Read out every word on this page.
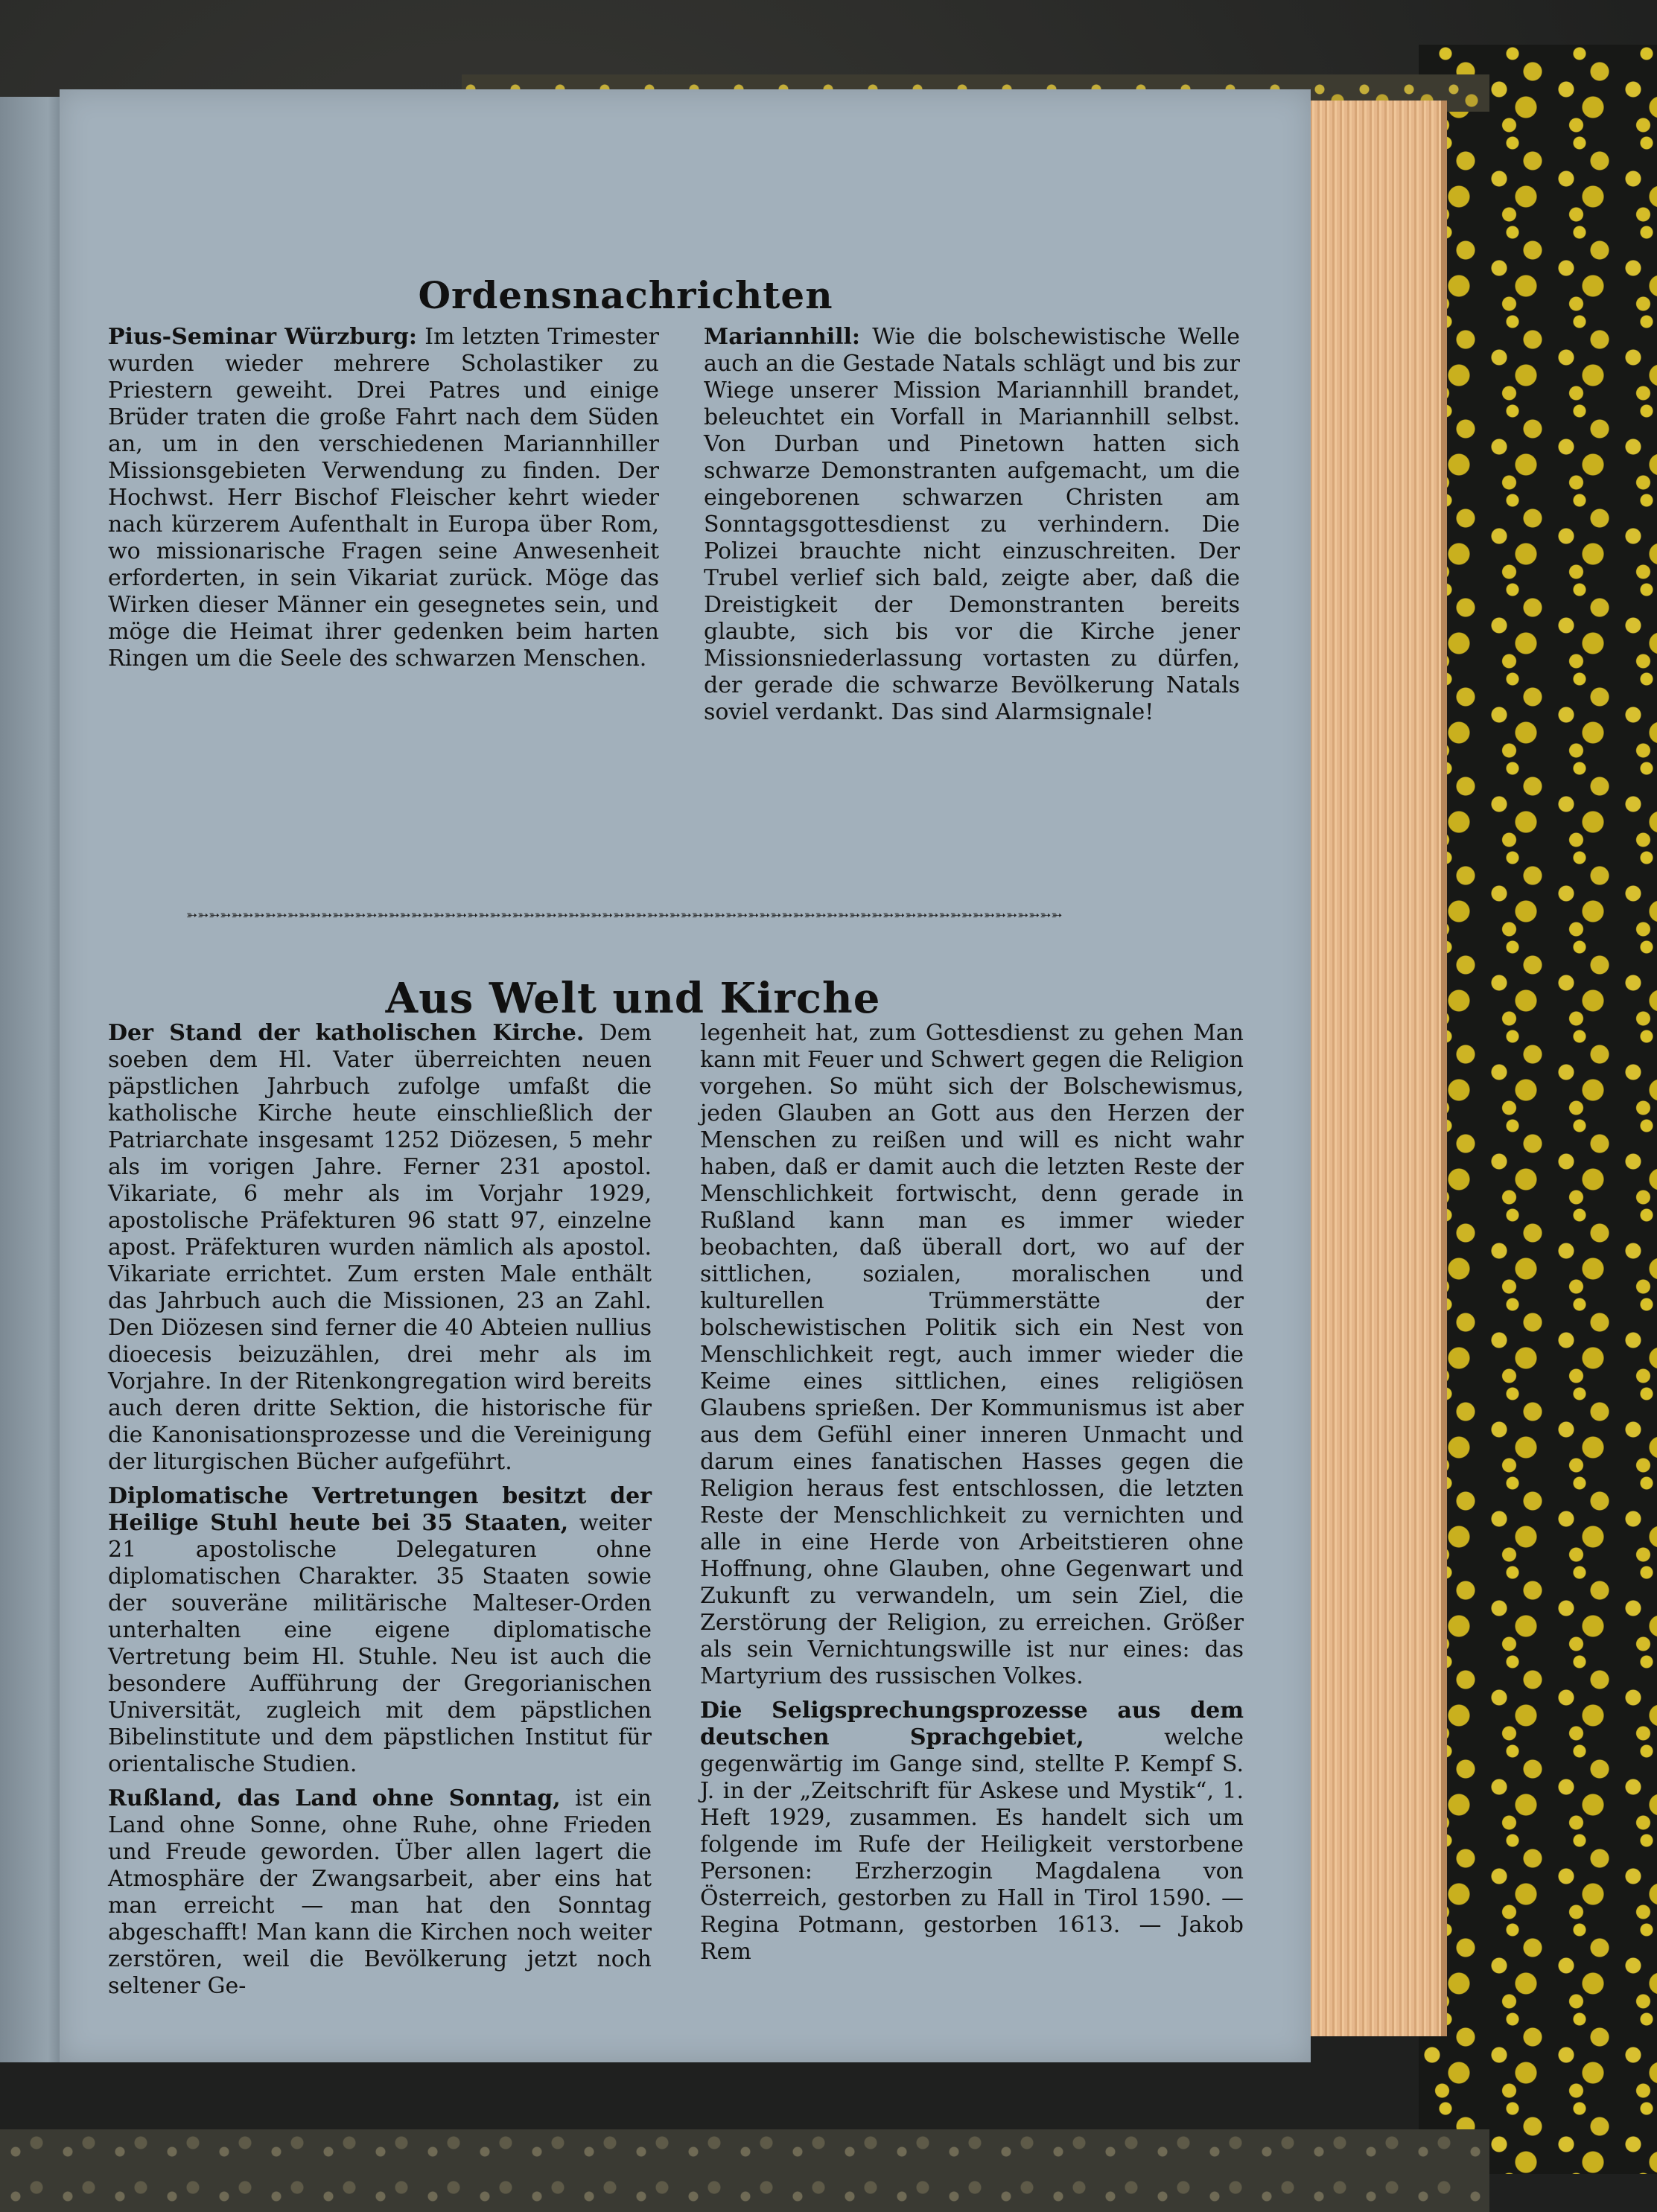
Ordensnachrichten

Pius-Seminar Würzburg: Im letzten Trimester wurden wieder mehrere Scholastiker zu Priestern geweiht. Drei Patres und einige Brüder traten die große Fahrt nach dem Süden an, um in den verschiedenen Mariannhiller Missionsgebieten Verwendung zu finden. Der Hochwst. Herr Bischof Fleischer kehrt wieder nach kürzerem Aufenthalt in Europa über Rom, wo missionarische Fragen seine Anwesenheit erforderten, in sein Vikariat zurück. Möge das Wirken dieser Männer ein gesegnetes sein, und möge die Heimat ihrer gedenken beim harten Ringen um die Seele des schwarzen Menschen.

Mariannhill: Wie die bolschewistische Welle auch an die Gestade Natals schlägt und bis zur Wiege unserer Mission Mariannhill brandet, beleuchtet ein Vorfall in Mariannhill selbst. Von Durban und Pinetown hatten sich schwarze Demonstranten aufgemacht, um die eingeborenen schwarzen Christen am Sonntagsgottesdienst zu verhindern. Die Polizei brauchte nicht einzuschreiten. Der Trubel verlief sich bald, zeigte aber, daß die Dreistigkeit der Demonstranten bereits glaubte, sich bis vor die Kirche jener Missionsniederlassung vortasten zu dürfen, der gerade die schwarze Bevölkerung Natals soviel verdankt. Das sind Alarmsignale!

➳➳➳➳➳➳➳➳➳➳➳➳➳➳➳➳➳➳➳➳➳➳➳➳➳➳➳➳➳➳➳➳➳➳➳➳➳➳➳➳➳➳➳➳➳➳➳➳➳➳➳➳➳➳➳➳➳➳➳➳➳➳➳➳➳➳➳➳➳➳➳➳➳➳➳➳➳➳
Aus Welt und Kirche

Der Stand der katholischen Kirche. Dem soeben dem Hl. Vater überreichten neuen päpstlichen Jahrbuch zufolge umfaßt die katholische Kirche heute einschließlich der Patriarchate insgesamt 1252 Diözesen, 5 mehr als im vorigen Jahre. Ferner 231 apostol. Vikariate, 6 mehr als im Vorjahr 1929, apostolische Präfekturen 96 statt 97, einzelne apost. Präfekturen wurden nämlich als apostol. Vikariate errichtet. Zum ersten Male enthält das Jahrbuch auch die Missionen, 23 an Zahl. Den Diözesen sind ferner die 40 Abteien nullius dioecesis beizuzählen, drei mehr als im Vorjahre. In der Ritenkongregation wird bereits auch deren dritte Sektion, die historische für die Kanonisationsprozesse und die Vereinigung der liturgischen Bücher aufgeführt.

Diplomatische Vertretungen besitzt der Heilige Stuhl heute bei 35 Staaten, weiter 21 apostolische Delegaturen ohne diplomatischen Charakter. 35 Staaten sowie der souveräne militärische Malteser-Orden unterhalten eine eigene diplomatische Vertretung beim Hl. Stuhle. Neu ist auch die besondere Aufführung der Gregorianischen Universität, zugleich mit dem päpstlichen Bibelinstitute und dem päpstlichen Institut für orientalische Studien.

Rußland, das Land ohne Sonntag, ist ein Land ohne Sonne, ohne Ruhe, ohne Frieden und Freude geworden. Über allen lagert die Atmosphäre der Zwangsarbeit, aber eins hat man erreicht — man hat den Sonntag abgeschafft! Man kann die Kirchen noch weiter zerstören, weil die Bevölkerung jetzt noch seltener Ge-

legenheit hat, zum Gottesdienst zu gehen Man kann mit Feuer und Schwert gegen die Religion vorgehen. So müht sich der Bolschewismus, jeden Glauben an Gott aus den Herzen der Menschen zu reißen und will es nicht wahr haben, daß er damit auch die letzten Reste der Menschlichkeit fortwischt, denn gerade in Rußland kann man es immer wieder beobachten, daß überall dort, wo auf der sittlichen, sozialen, moralischen und kulturellen Trümmerstätte der bolschewistischen Politik sich ein Nest von Menschlichkeit regt, auch immer wieder die Keime eines sittlichen, eines religiösen Glaubens sprießen. Der Kommunismus ist aber aus dem Gefühl einer inneren Unmacht und darum eines fanatischen Hasses gegen die Religion heraus fest entschlossen, die letzten Reste der Menschlichkeit zu vernichten und alle in eine Herde von Arbeitstieren ohne Hoffnung, ohne Glauben, ohne Gegenwart und Zukunft zu verwandeln, um sein Ziel, die Zerstörung der Religion, zu erreichen. Größer als sein Vernichtungswille ist nur eines: das Martyrium des russischen Volkes.

Die Seligsprechungsprozesse aus dem deutschen Sprachgebiet, welche gegenwärtig im Gange sind, stellte P. Kempf S. J. in der „Zeitschrift für Askese und Mystik“, 1. Heft 1929, zusammen. Es handelt sich um folgende im Rufe der Heiligkeit verstorbene Personen: Erzherzogin Magdalena von Österreich, gestorben zu Hall in Tirol 1590. — Regina Potmann, gestorben 1613. — Jakob Rem
